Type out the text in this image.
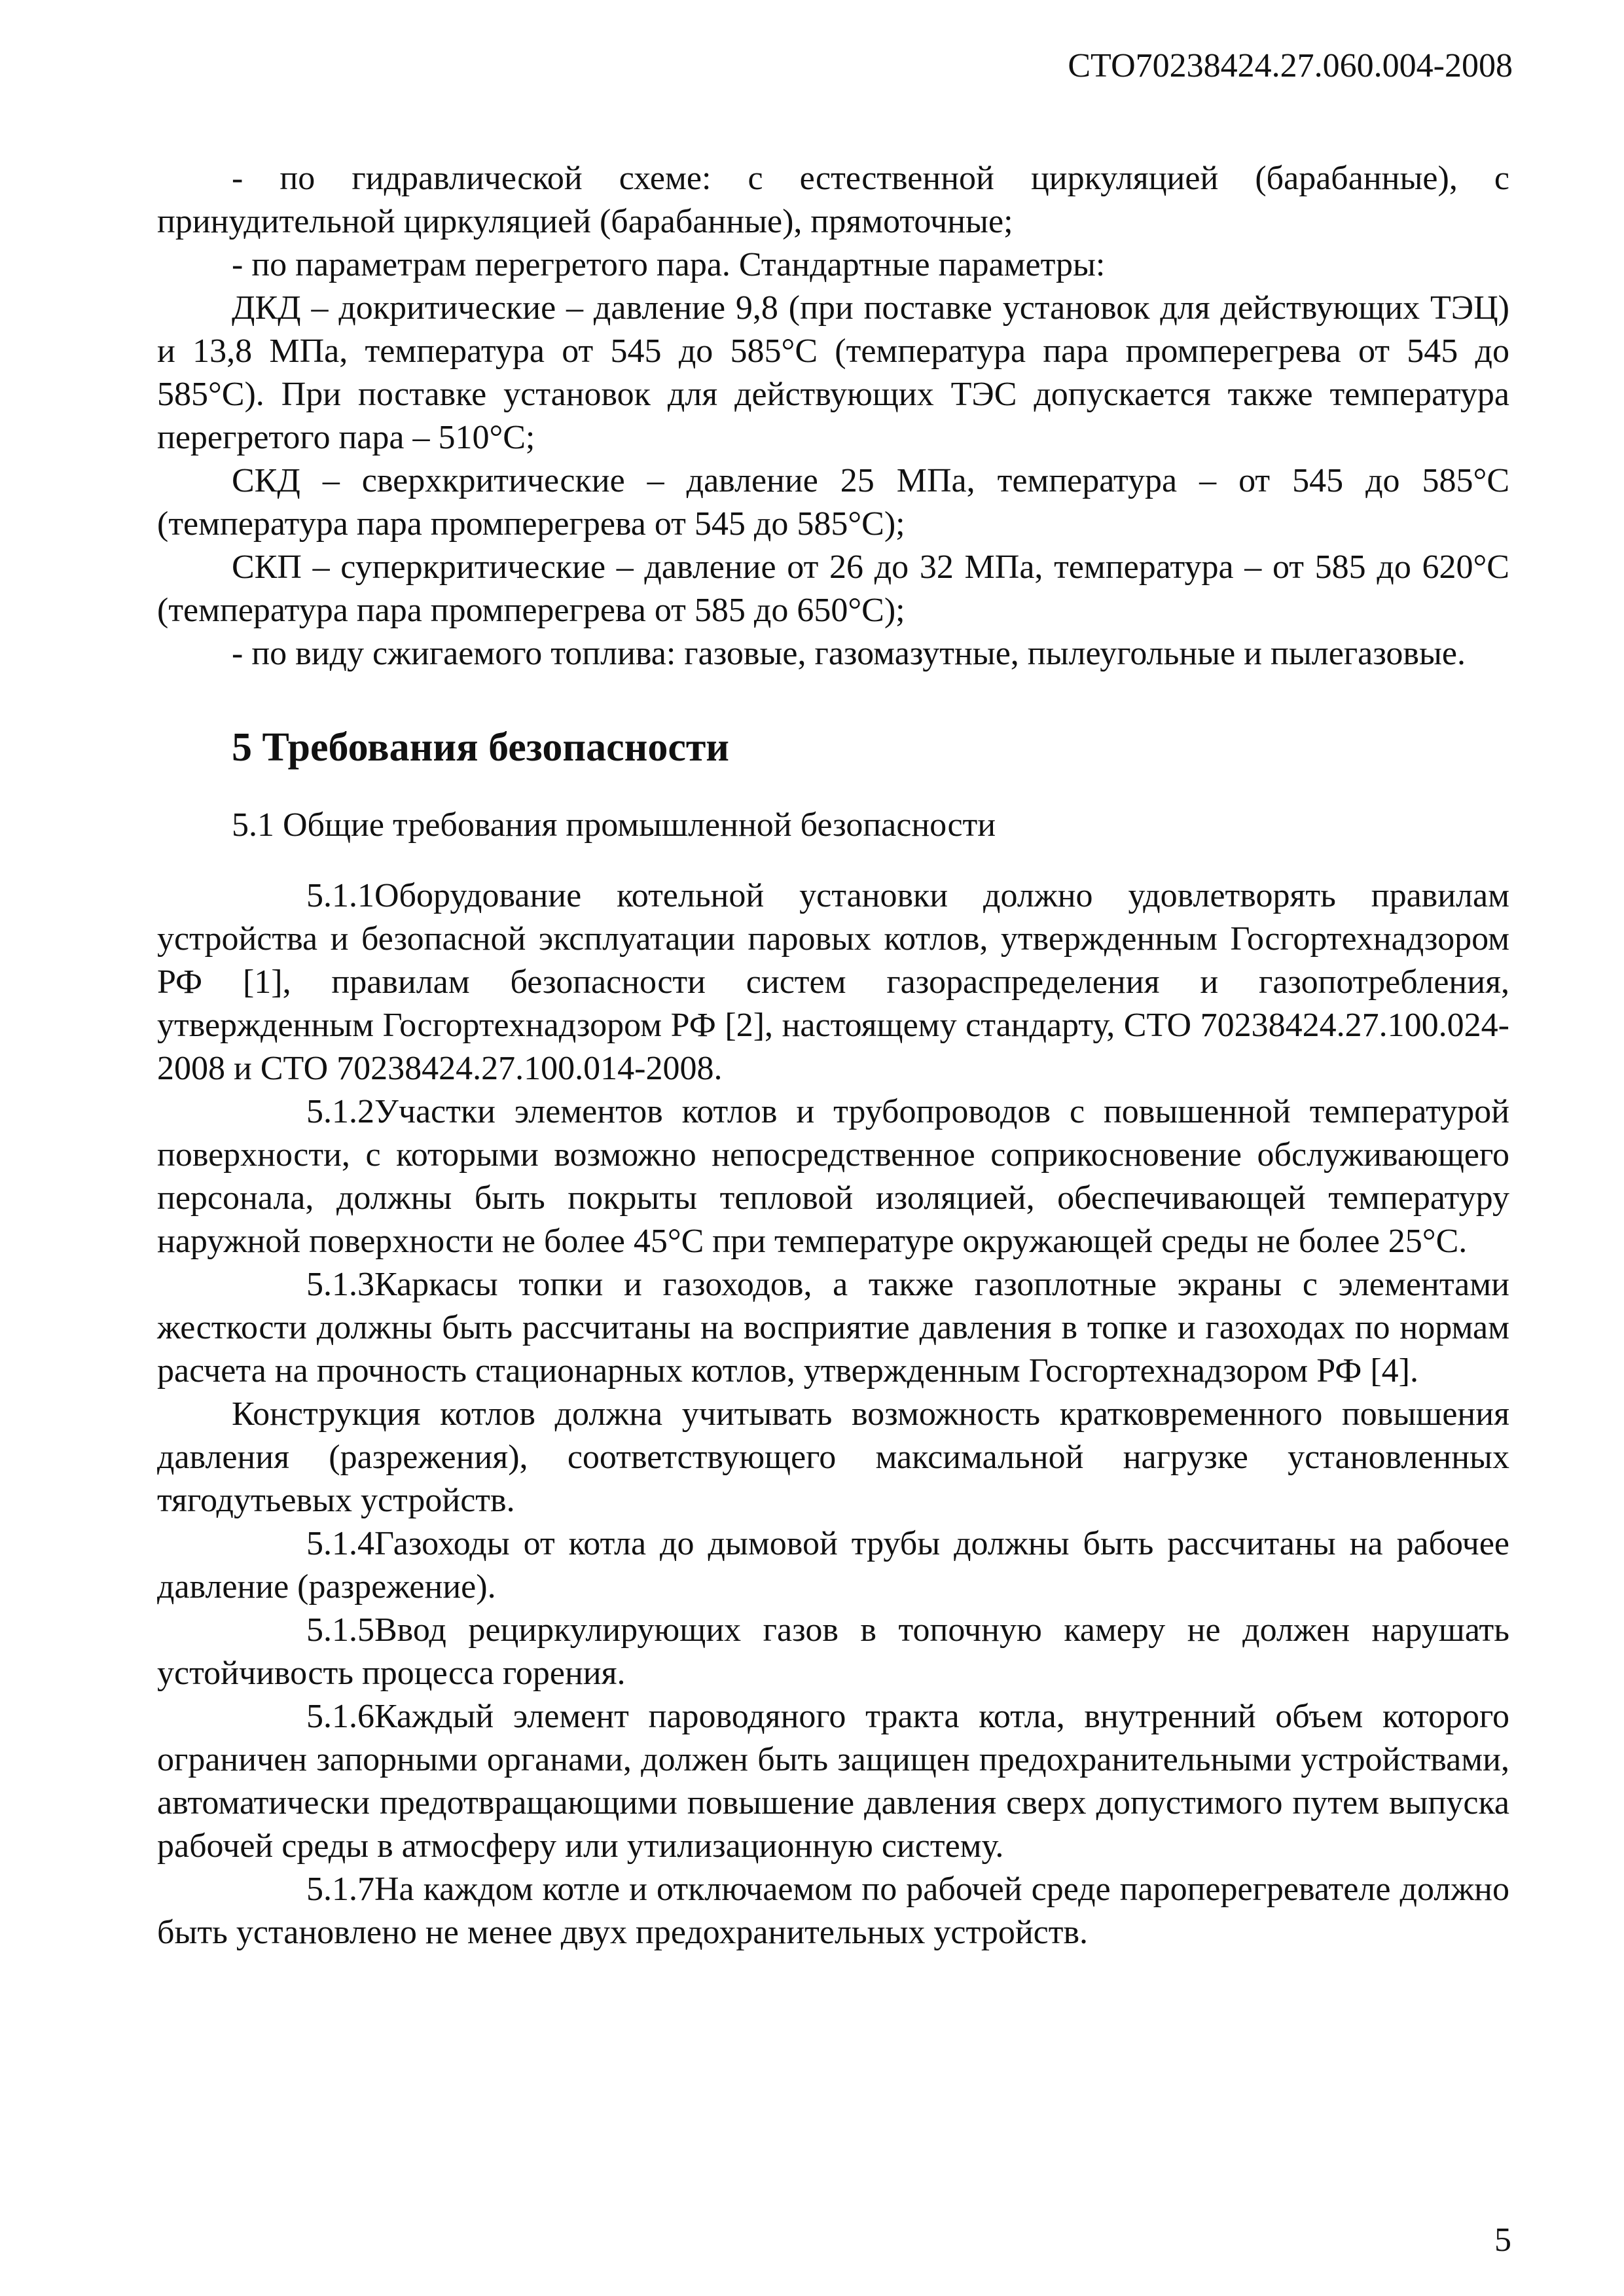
СТО70238424.27.060.004-2008

- по гидравлической схеме: с естественной циркуляцией (барабанные), с принудительной циркуляцией (барабанные), прямоточные;

- по параметрам перегретого пара. Стандартные параметры:

ДКД – докритические – давление 9,8 (при поставке установок для действующих ТЭЦ) и 13,8 МПа, температура от 545 до 585°С (температура пара промперегрева от 545 до 585°С). При поставке установок для действующих ТЭС допускается также температура перегретого пара – 510°С;

СКД – сверхкритические – давление 25 МПа, температура – от 545 до 585°С (температура пара промперегрева от 545 до 585°С);

СКП – суперкритические – давление от 26 до 32 МПа, температура – от 585 до 620°С (температура пара промперегрева от 585 до 650°С);

- по виду сжигаемого топлива: газовые, газомазутные, пылеугольные и пылегазовые.

5 Требования безопасности
5.1 Общие требования промышленной безопасности

5.1.1Оборудование котельной установки должно удовлетворять правилам устройства и безопасной эксплуатации паровых котлов, утвержденным Госгортехнадзором РФ [1], правилам безопасности систем газораспределения и газопотребления, утвержденным Госгортехнадзором РФ [2], настоящему стандарту, СТО 70238424.27.100.024-2008 и СТО 70238424.27.100.014-2008.

5.1.2Участки элементов котлов и трубопроводов с повышенной температурой поверхности, с которыми возможно непосредственное соприкосновение обслуживающего персонала, должны быть покрыты тепловой изоляцией, обеспечивающей температуру наружной поверхности не более 45°С при температуре окружающей среды не более 25°С.

5.1.3Каркасы топки и газоходов, а также газоплотные экраны с элементами жесткости должны быть рассчитаны на восприятие давления в топке и газоходах по нормам расчета на прочность стационарных котлов, утвержденным Госгортехнадзором РФ [4].

Конструкция котлов должна учитывать возможность кратковременного повышения давления (разрежения), соответствующего максимальной нагрузке установленных тягодутьевых устройств.

5.1.4Газоходы от котла до дымовой трубы должны быть рассчитаны на рабочее давление (разрежение).

5.1.5Ввод рециркулирующих газов в топочную камеру не должен нарушать устойчивость процесса горения.

5.1.6Каждый элемент пароводяного тракта котла, внутренний объем которого ограничен запорными органами, должен быть защищен предохранительными устройствами, автоматически предотвращающими повышение давления сверх допустимого путем выпуска рабочей среды в атмосферу или утилизационную систему.

5.1.7На каждом котле и отключаемом по рабочей среде пароперегревателе должно быть установлено не менее двух предохранительных устройств.

5
